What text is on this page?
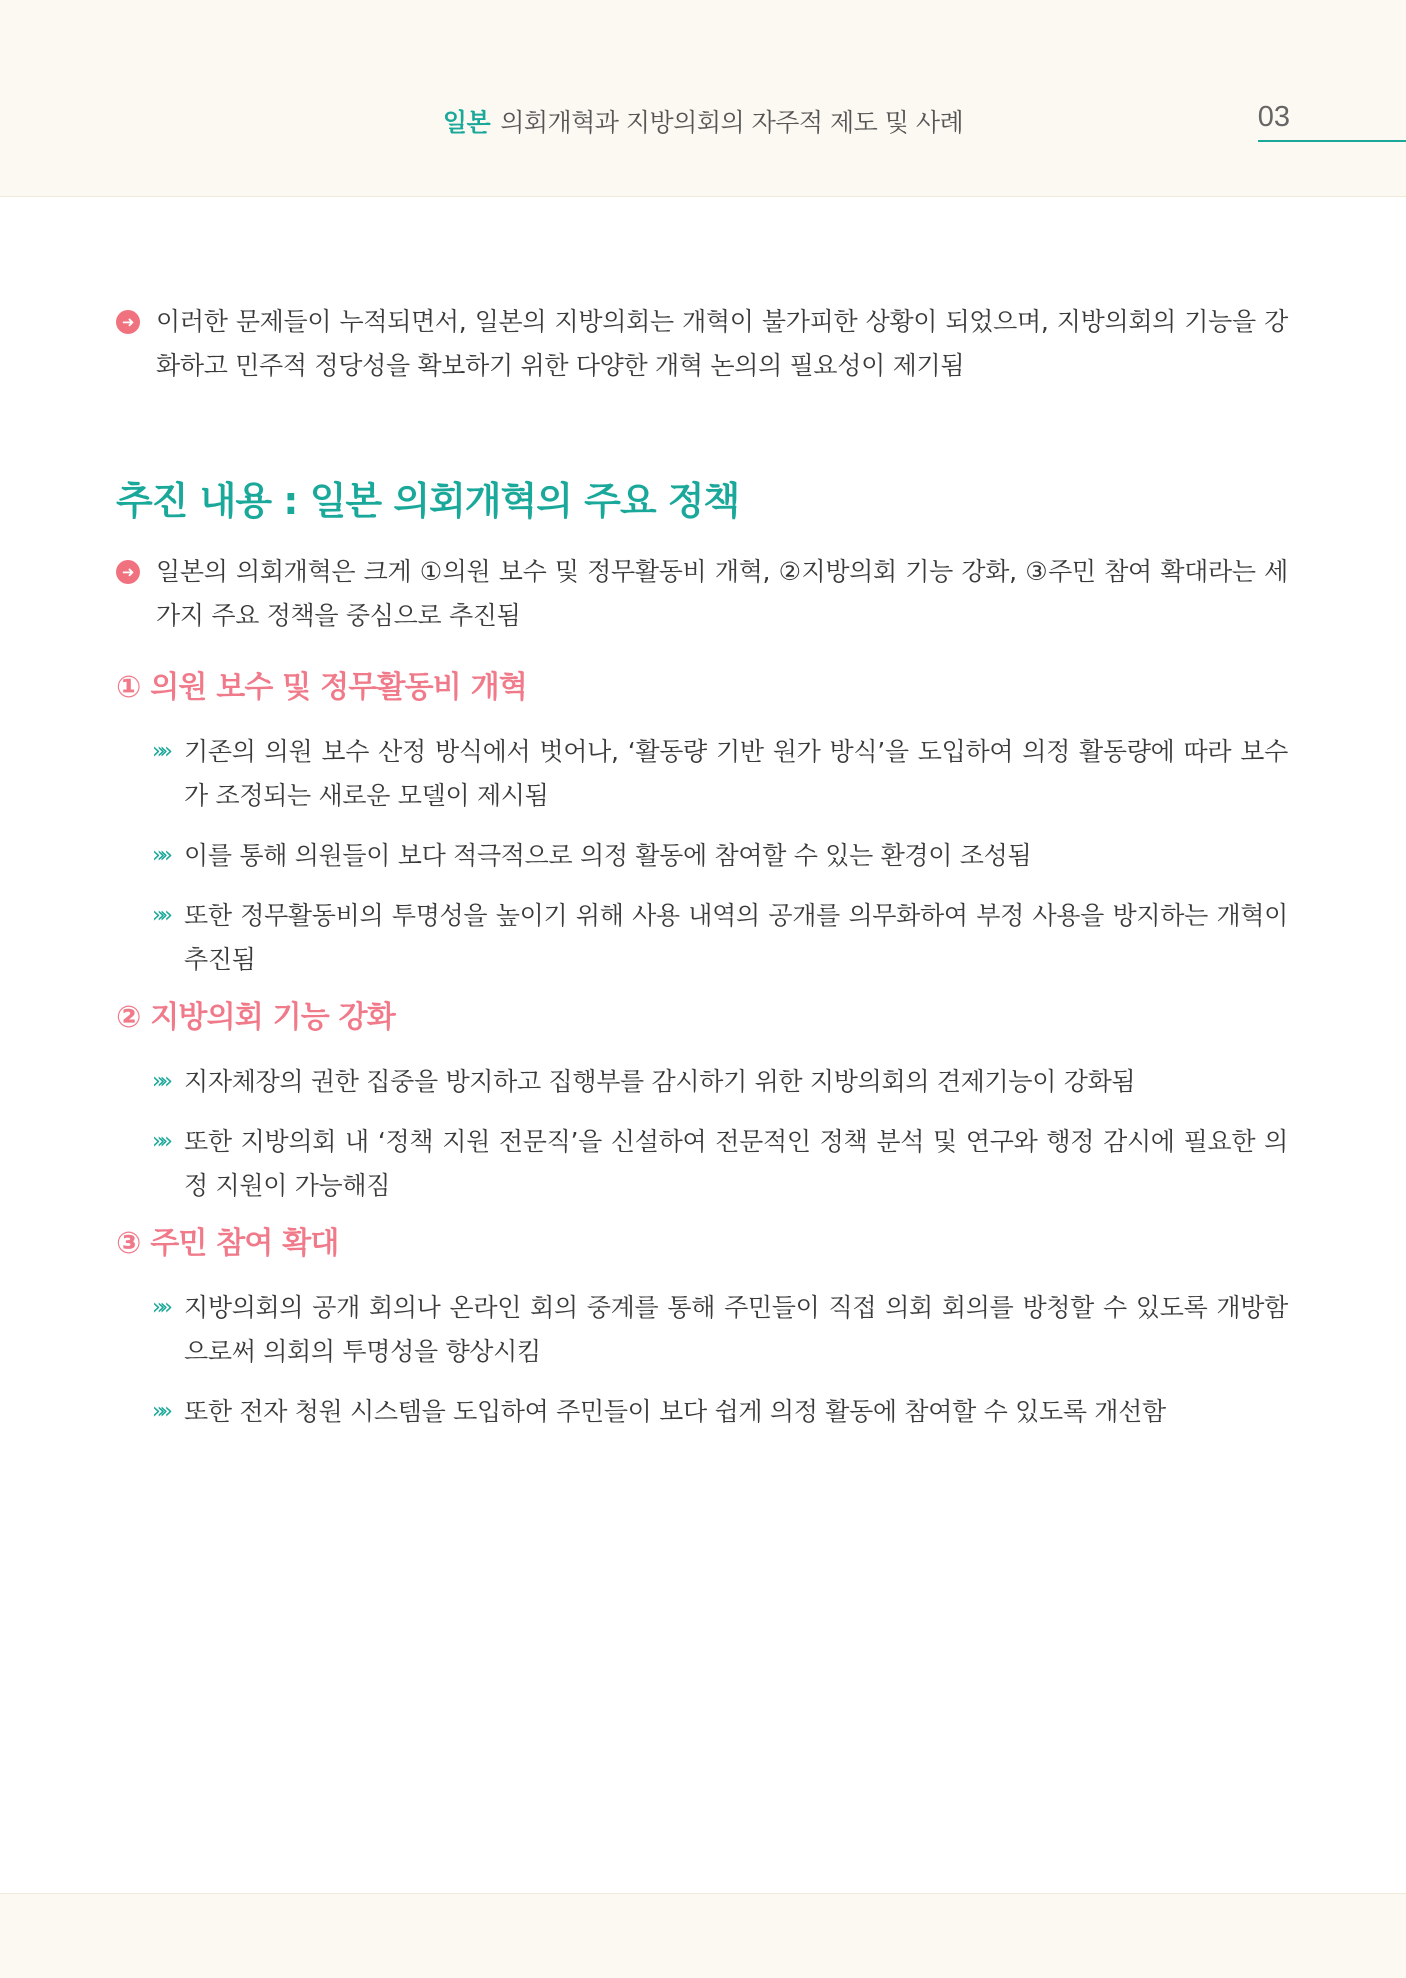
일본 의회개혁과 지방의회의 자주적 제도 및 사례	03
➜ 이러한 문제들이 누적되면서, 일본의 지방의회는 개혁이 불가피한 상황이 되었으며, 지방의회의 기능을 강화하고 민주적 정당성을 확보하기 위한 다양한 개혁 논의의 필요성이 제기됨
추진 내용 : 일본 의회개혁의 주요 정책
➜ 일본의 의회개혁은 크게 ①의원 보수 및 정무활동비 개혁, ②지방의회 기능 강화, ③주민 참여 확대라는 세 가지 주요 정책을 중심으로 추진됨
① 의원 보수 및 정무활동비 개혁
»» 기존의 의원 보수 산정 방식에서 벗어나, ‘활동량 기반 원가 방식’을 도입하여 의정 활동량에 따라 보수가 조정되는 새로운 모델이 제시됨
»» 이를 통해 의원들이 보다 적극적으로 의정 활동에 참여할 수 있는 환경이 조성됨
»» 또한 정무활동비의 투명성을 높이기 위해 사용 내역의 공개를 의무화하여 부정 사용을 방지하는 개혁이 추진됨
② 지방의회 기능 강화
»» 지자체장의 권한 집중을 방지하고 집행부를 감시하기 위한 지방의회의 견제기능이 강화됨
»» 또한 지방의회 내 ‘정책 지원 전문직’을 신설하여 전문적인 정책 분석 및 연구와 행정 감시에 필요한 의정 지원이 가능해짐
③ 주민 참여 확대
»» 지방의회의 공개 회의나 온라인 회의 중계를 통해 주민들이 직접 의회 회의를 방청할 수 있도록 개방함으로써 의회의 투명성을 향상시킴
»» 또한 전자 청원 시스템을 도입하여 주민들이 보다 쉽게 의정 활동에 참여할 수 있도록 개선함
